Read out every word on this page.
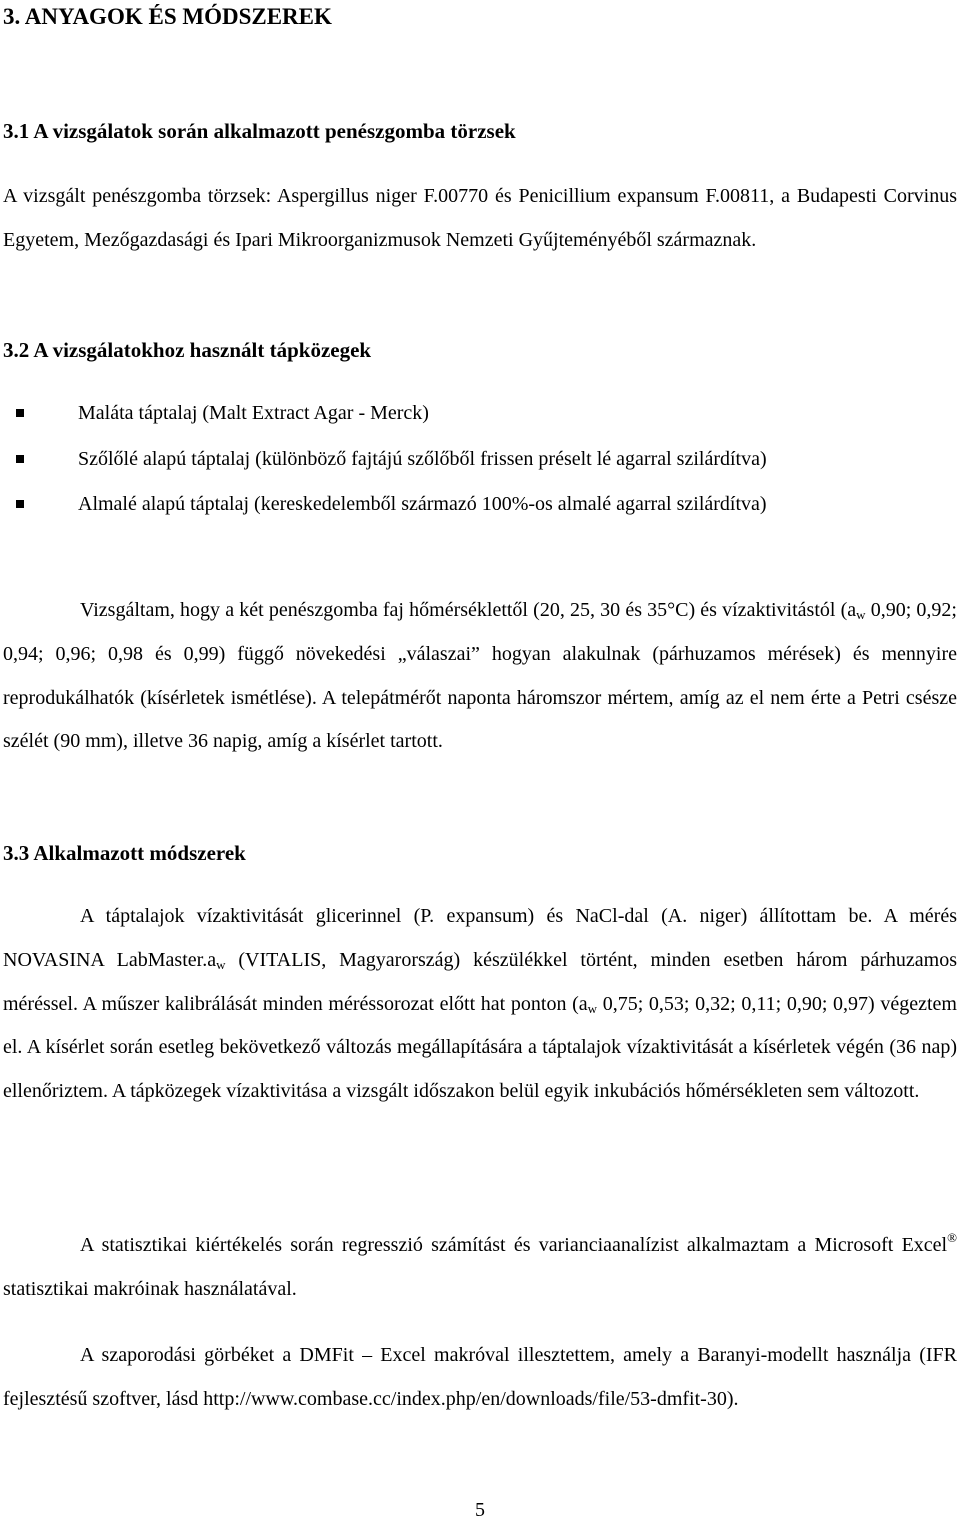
3. ANYAGOK ÉS MÓDSZEREK
3.1 A vizsgálatok során alkalmazott penészgomba törzsek

A vizsgált penészgomba törzsek: Aspergillus niger F.00770 és Penicillium expansum F.00811, a Budapesti Corvinus Egyetem, Mezőgazdasági és Ipari Mikroorganizmusok Nemzeti Gyűjteményéből származnak.

3.2 A vizsgálatokhoz használt tápközegek
Maláta táptalaj (Malt Extract Agar - Merck)
Szőlőlé alapú táptalaj (különböző fajtájú szőlőből frissen préselt lé agarral szilárdítva)
Almalé alapú táptalaj (kereskedelemből származó 100%-os almalé agarral szilárdítva)

Vizsgáltam, hogy a két penészgomba faj hőmérséklettől (20, 25, 30 és 35°C) és vízaktivitástól ($a_w$ 0,90; 0,92; 0,94; 0,96; 0,98 és 0,99) függő növekedési „válaszai” hogyan alakulnak (párhuzamos mérések) és mennyire reprodukálhatók (kísérletek ismétlése). A telepátmérőt naponta háromszor mértem, amíg az el nem érte a Petri csésze szélét (90 mm), illetve 36 napig, amíg a kísérlet tartott.

3.3 Alkalmazott módszerek

A táptalajok vízaktivitását glicerinnel (P. expansum) és NaCl-dal (A. niger) állítottam be. A mérés NOVASINA $LabMaster.a_w$ (VITALIS, Magyarország) készülékkel történt, minden esetben három párhuzamos méréssel. A műszer kalibrálását minden méréssorozat előtt hat ponton ($a_w$ 0,75; 0,53; 0,32; 0,11; 0,90; 0,97) végeztem el. A kísérlet során esetleg bekövetkező változás megállapítására a táptalajok vízaktivitását a kísérletek végén (36 nap) ellenőriztem. A tápközegek vízaktivitása a vizsgált időszakon belül egyik inkubációs hőmérsékleten sem változott.

A statisztikai kiértékelés során regresszió számítást és varianciaanalízist alkalmaztam a Microsoft Excel® statisztikai makróinak használatával.

A szaporodási görbéket a DMFit – Excel makróval illesztettem, amely a Baranyi-modellt használja (IFR fejlesztésű szoftver, lásd http://www.combase.cc/index.php/en/downloads/file/53-dmfit-30).

5
